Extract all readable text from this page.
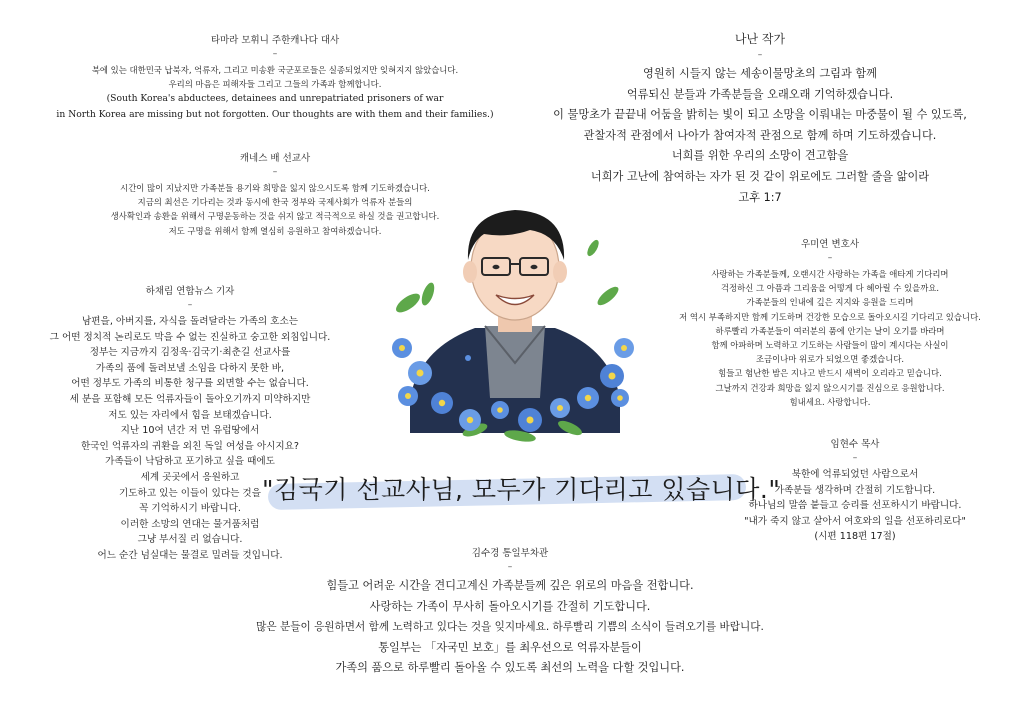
타마라 모휘니 주한캐나다 대사
–
북에 있는 대한민국 납북자, 억류자, 그리고 미송환 국군포로들은 실종되었지만 잊혀지지 않았습니다.
우리의 마음은 피해자들 그리고 그들의 가족과 함께합니다.
(South Korea's abductees, detainees and unrepatriated prisoners of war
in North Korea are missing but not forgotten. Our thoughts are with them and their families.)
캐네스 배 선교사
–
시간이 많이 지났지만 가족분들 용기와 희망을 잃지 않으시도록 함께 기도하겠습니다.
지금의 최선은 기다리는 것과 동시에 한국 정부와 국제사회가 억류자 분들의
생사확인과 송환을 위해서 구명운동하는 것을 쉬지 않고 적극적으로 하실 것을 권고합니다.
저도 구명을 위해서 함께 열심히 응원하고 참여하겠습니다.
하채림 연합뉴스 기자
–
남편을, 아버지를, 자식을 돌려달라는 가족의 호소는
그 어떤 정치적 논리로도 막을 수 없는 진실하고 숭고한 외침입니다.
정부는 지금까지 김정욱·김국기·최춘길 선교사를
가족의 품에 돌려보낼 소임을 다하지 못한 바,
어떤 정부도 가족의 비통한 청구를 외면할 수는 없습니다.
세 분을 포함해 모든 억류자들이 돌아오기까지 미약하지만
저도 있는 자리에서 힘을 보태겠습니다.
지난 10여 년간 저 먼 유럽땅에서
한국인 억류자의 귀환을 외친 독일 여성을 아시지요?
가족들이 낙담하고 포기하고 싶을 때에도
세계 곳곳에서 응원하고
기도하고 있는 이들이 있다는 것을
꼭 기억하시기 바랍니다.
이러한 소망의 연대는 물거품처럼
그냥 부서질 리 없습니다.
어느 순간 넘실대는 물결로 밀려들 것입니다.
나난 작가
–
영원히 시들지 않는 세송이물망초의 그림과 함께
억류되신 분들과 가족분들을 오래오래 기억하겠습니다.
이 물망초가 끝끝내 어둠을 밝히는 빛이 되고 소망을 이뤄내는 마중물이 될 수 있도록,
관찰자적 관점에서 나아가 참여자적 관점으로 함께 하며 기도하겠습니다.
너희를 위한 우리의 소망이 견고함을
너희가 고난에 참여하는 자가 된 것 같이 위로에도 그러할 줄을 앎이라
고후 1:7
우미연 변호사
–
사랑하는 가족분들께, 오랜시간 사랑하는 가족을 애타게 기다리며
걱정하신 그 아픔과 그리움을 어떻게 다 헤아릴 수 있을까요.
가족분들의 인내에 깊은 지지와 응원을 드리며
저 역시 부족하지만 함께 기도하며 건강한 모습으로 돌아오시길 기다리고 있습니다.
하루빨리 가족분들이 여러분의 품에 안기는 날이 오기를 바라며
함께 아파하며 노력하고 기도하는 사람들이 많이 계시다는 사실이
조금이나마 위로가 되었으면 좋겠습니다.
힘들고 험난한 밤은 지나고 반드시 새벽이 오리라고 믿습니다.
그날까지 건강과 희망을 잃지 않으시기를 진심으로 응원합니다.
힘내세요. 사랑합니다.
임현수 목사
–
북한에 억류되었던 사람으로서
가족분들 생각하며 간절히 기도합니다.
하나님의 말씀 붙들고 승리를 선포하시기 바랍니다.
"내가 죽지 않고 살아서 여호와의 일을 선포하리로다"
(시편 118편 17절)
"김국기 선교사님, 모두가 기다리고 있습니다."
김수경 통일부차관
–
힘들고 어려운 시간을 견디고계신 가족분들께 깊은 위로의 마음을 전합니다.
사랑하는 가족이 무사히 돌아오시기를 간절히 기도합니다.
많은 분들이 응원하면서 함께 노력하고 있다는 것을 잊지마세요. 하루빨리 기쁨의 소식이 들려오기를 바랍니다.
통일부는 「자국민 보호」를 최우선으로 억류자분들이
가족의 품으로 하루빨리 돌아올 수 있도록 최선의 노력을 다할 것입니다.
